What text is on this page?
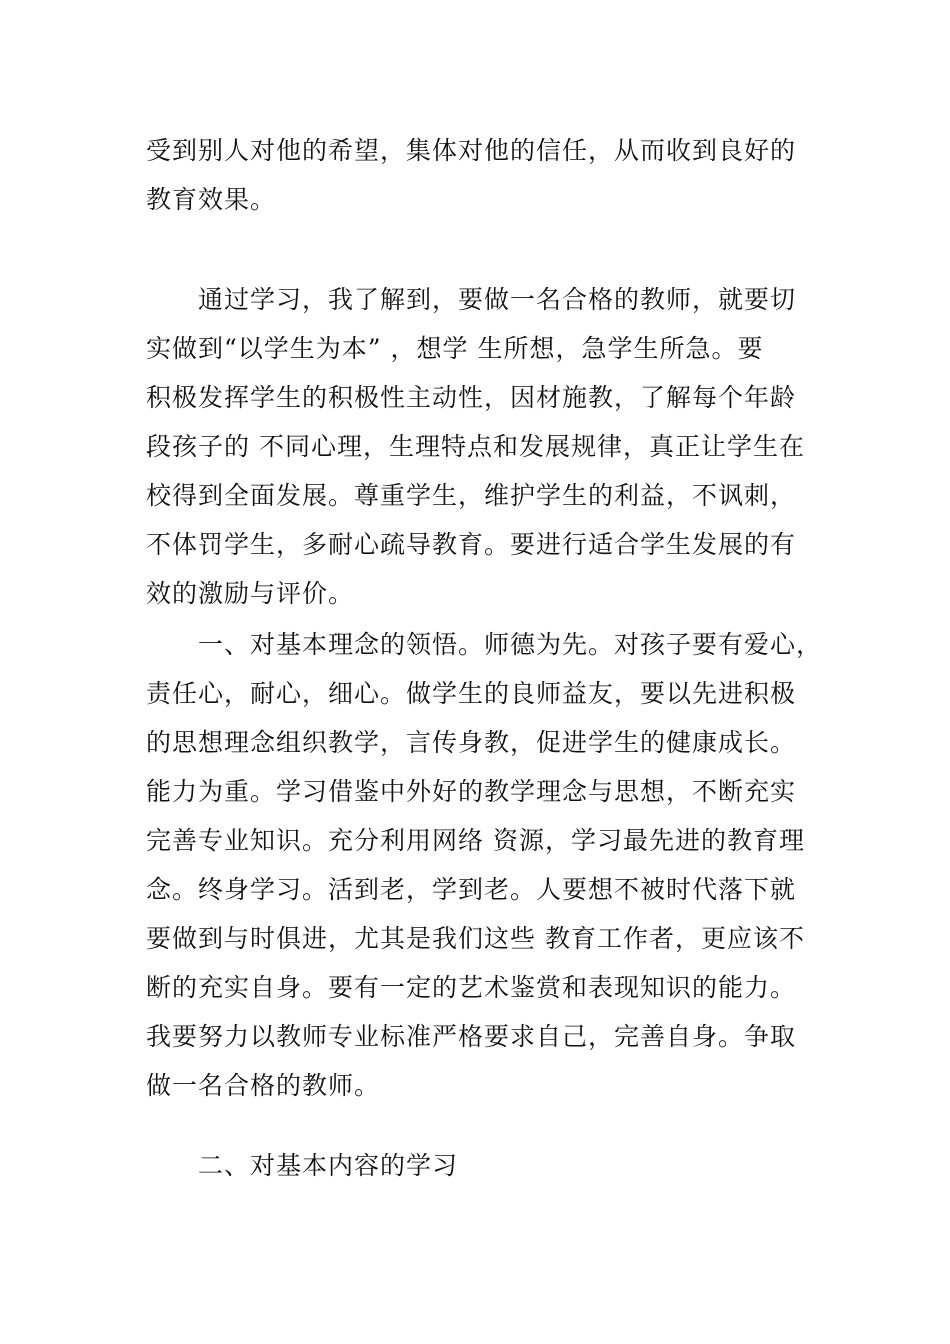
受到别人对他的希望，集体对他的信任，从而收到良好的
教育效果。
　　通过学习，我了解到，要做一名合格的教师，就要切
实做到“以学生为本” ，想学 生所想，急学生所急。要
积极发挥学生的积极性主动性，因材施教，了解每个年龄
段孩子的 不同心理，生理特点和发展规律，真正让学生在
校得到全面发展。尊重学生，维护学生的利益，不讽刺，
不体罚学生，多耐心疏导教育。要进行适合学生发展的有
效的激励与评价。
　　一、对基本理念的领悟。师德为先。对孩子要有爱心，
责任心，耐心，细心。做学生的良师益友，要以先进积极
的思想理念组织教学，言传身教，促进学生的健康成长。
能力为重。学习借鉴中外好的教学理念与思想，不断充实
完善专业知识。充分利用网络 资源，学习最先进的教育理
念。终身学习。活到老，学到老。人要想不被时代落下就
要做到与时俱进，尤其是我们这些 教育工作者，更应该不
断的充实自身。要有一定的艺术鉴赏和表现知识的能力。
我要努力以教师专业标准严格要求自己，完善自身。争取
做一名合格的教师。
　　二、对基本内容的学习
